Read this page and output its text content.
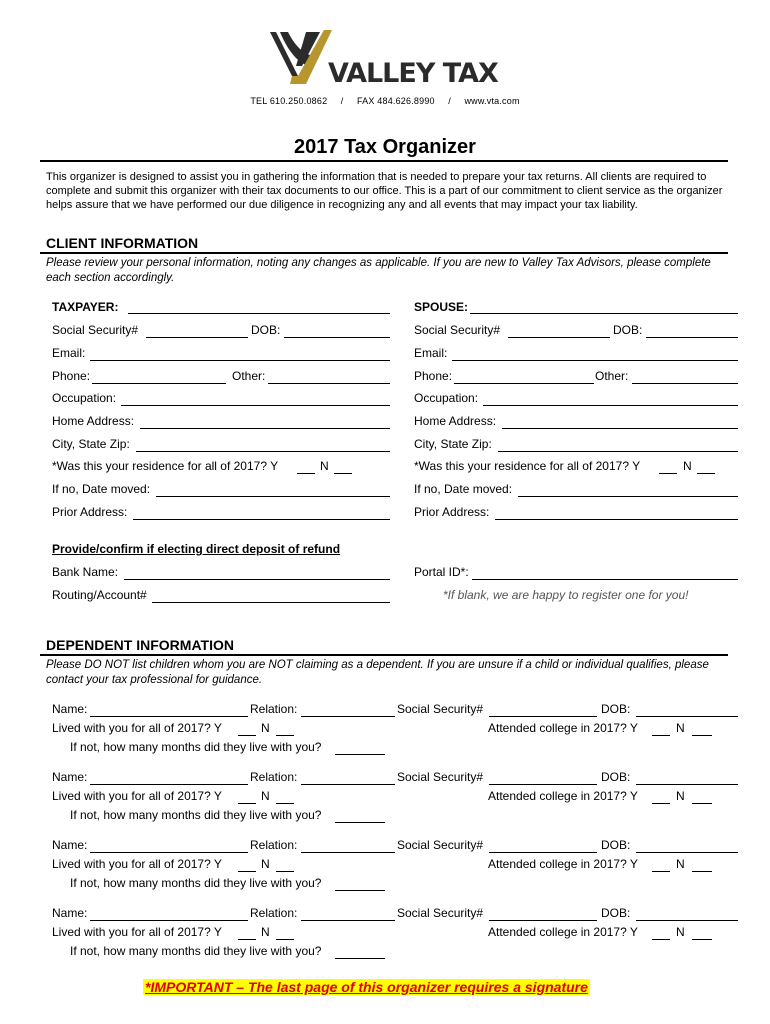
VALLEY TAX
TEL 610.250.0862     /     FAX 484.626.8990     /     www.vta.com
2017 Tax Organizer
This organizer is designed to assist you in gathering the information that is needed to prepare your tax returns. All clients are required to complete and submit this organizer with their tax documents to our office. This is a part of our commitment to client service as the organizer helps assure that we have performed our due diligence in recognizing any and all events that may impact your tax liability.
CLIENT INFORMATION
Please review your personal information, noting any changes as applicable. If you are new to Valley Tax Advisors, please complete each section accordingly.
TAXPAYER:
Social Security#	DOB:
Email:
Phone:	Other:
Occupation:
Home Address:
City, State Zip:
*Was this your residence for all of 2017? Y	N
If no, Date moved:
Prior Address:
SPOUSE:
Social Security#	DOB:
Email:
Phone:	Other:
Occupation:
Home Address:
City, State Zip:
*Was this your residence for all of 2017? Y	N
If no, Date moved:
Prior Address:
Provide/confirm if electing direct deposit of refund
Bank Name:
Routing/Account#
Portal ID*:
*If blank, we are happy to register one for you!
DEPENDENT INFORMATION
Please DO NOT list children whom you are NOT claiming as a dependent. If you are unsure if a child or individual qualifies, please contact your tax professional for guidance.
Name:	Relation:	Social Security#	DOB:
Lived with you for all of 2017? Y	N	Attended college in 2017? Y	N
If not, how many months did they live with you?
Name:	Relation:	Social Security#	DOB:
Lived with you for all of 2017? Y	N	Attended college in 2017? Y	N
If not, how many months did they live with you?
Name:	Relation:	Social Security#	DOB:
Lived with you for all of 2017? Y	N	Attended college in 2017? Y	N
If not, how many months did they live with you?
Name:	Relation:	Social Security#	DOB:
Lived with you for all of 2017? Y	N	Attended college in 2017? Y	N
If not, how many months did they live with you?
*IMPORTANT – The last page of this organizer requires a signature
